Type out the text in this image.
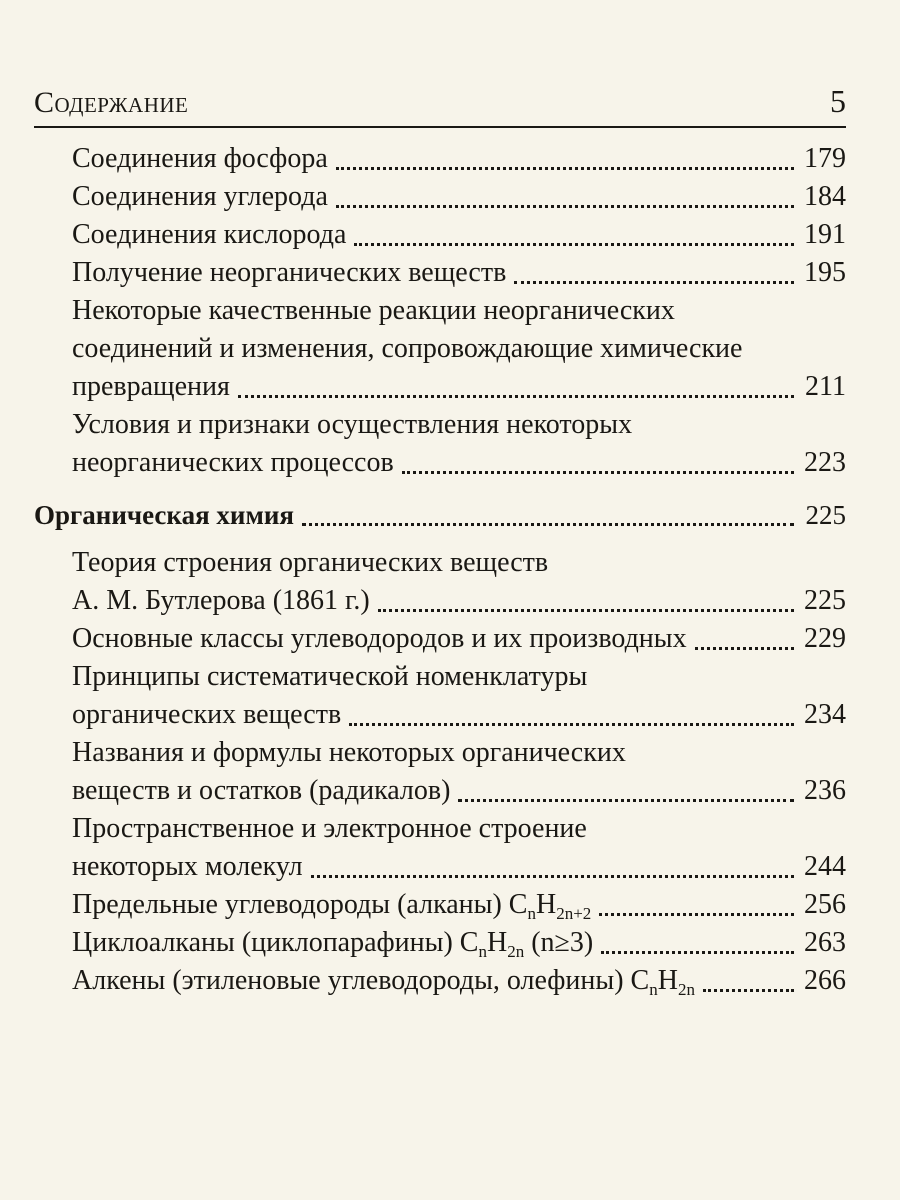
Содержание	5
Соединения фосфора	179
Соединения углерода	184
Соединения кислорода	191
Получение неорганических веществ	195
Некоторые качественные реакции неорганических
соединений и изменения, сопровождающие химические
превращения	211
Условия и признаки осуществления некоторых
неорганических процессов	223
Органическая химия	225
Теория строения органических веществ
А. М. Бутлерова (1861 г.)	225
Основные классы углеводородов и их производных	229
Принципы систематической номенклатуры
органических веществ	234
Названия и формулы некоторых органических
веществ и остатков (радикалов)	236
Пространственное и электронное строение
некоторых молекул	244
Предельные углеводороды (алканы) $C_nH_{2n+2}$	256
Циклоалканы (циклопарафины) $C_nH_{2n}$ (n≥3)	263
Алкены (этиленовые углеводороды, олефины) $C_nH_{2n}$	266
